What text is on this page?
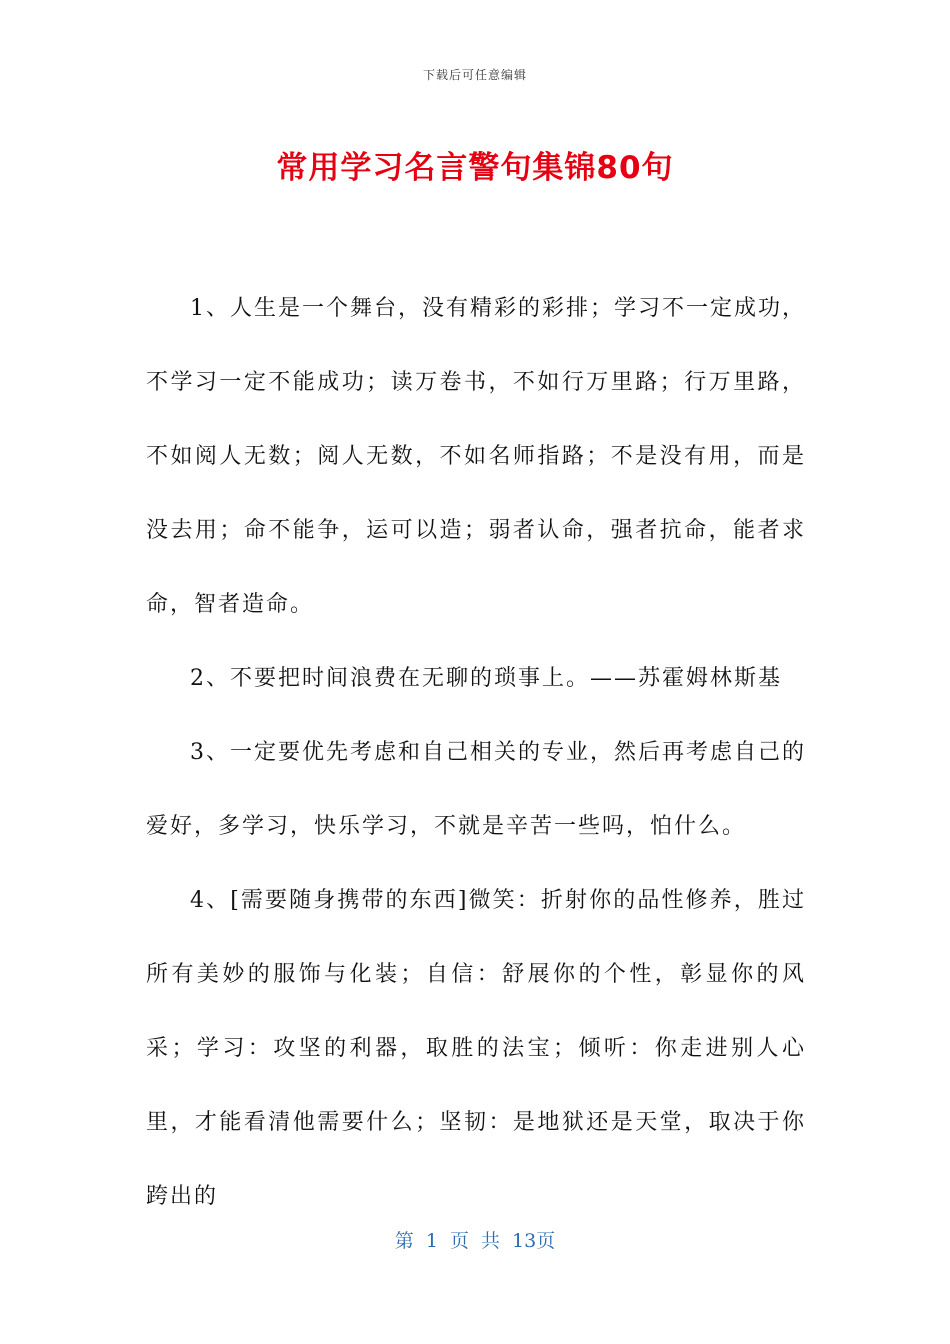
下载后可任意编辑
常用学习名言警句集锦80句

1、人生是一个舞台，没有精彩的彩排；学习不一定成功，不学习一定不能成功；读万卷书，不如行万里路；行万里路，不如阅人无数；阅人无数，不如名师指路；不是没有用，而是没去用；命不能争，运可以造；弱者认命，强者抗命，能者求命，智者造命。

2、不要把时间浪费在无聊的琐事上。——苏霍姆林斯基

3、一定要优先考虑和自己相关的专业，然后再考虑自己的爱好，多学习，快乐学习，不就是辛苦一些吗，怕什么。

4、[需要随身携带的东西]微笑：折射你的品性修养，胜过所有美妙的服饰与化装；自信：舒展你的个性，彰显你的风采；学习：攻坚的利器，取胜的法宝；倾听：你走进别人心里，才能看清他需要什么；坚韧：是地狱还是天堂，取决于你跨出的

第 1 页 共 13页
